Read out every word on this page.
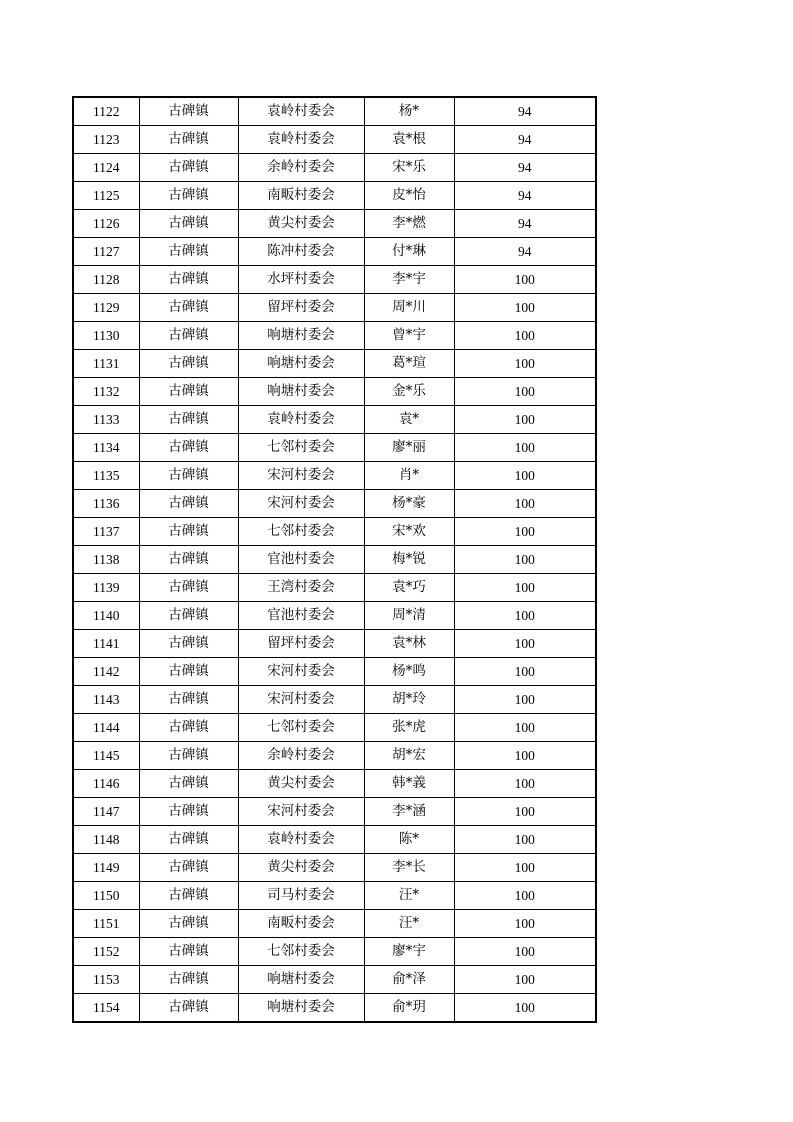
1122	古碑镇	袁岭村委会	杨*	94
1123	古碑镇	袁岭村委会	袁*根	94
1124	古碑镇	余岭村委会	宋*乐	94
1125	古碑镇	南畈村委会	皮*怡	94
1126	古碑镇	黄尖村委会	李*燃	94
1127	古碑镇	陈冲村委会	付*琳	94
1128	古碑镇	水坪村委会	李*宇	100
1129	古碑镇	留坪村委会	周*川	100
1130	古碑镇	响塘村委会	曾*宇	100
1131	古碑镇	响塘村委会	葛*瑄	100
1132	古碑镇	响塘村委会	金*乐	100
1133	古碑镇	袁岭村委会	袁*	100
1134	古碑镇	七邻村委会	廖*丽	100
1135	古碑镇	宋河村委会	肖*	100
1136	古碑镇	宋河村委会	杨*豪	100
1137	古碑镇	七邻村委会	宋*欢	100
1138	古碑镇	官池村委会	梅*锐	100
1139	古碑镇	王湾村委会	袁*巧	100
1140	古碑镇	官池村委会	周*清	100
1141	古碑镇	留坪村委会	袁*林	100
1142	古碑镇	宋河村委会	杨*鸣	100
1143	古碑镇	宋河村委会	胡*玲	100
1144	古碑镇	七邻村委会	张*虎	100
1145	古碑镇	余岭村委会	胡*宏	100
1146	古碑镇	黄尖村委会	韩*義	100
1147	古碑镇	宋河村委会	李*涵	100
1148	古碑镇	袁岭村委会	陈*	100
1149	古碑镇	黄尖村委会	李*长	100
1150	古碑镇	司马村委会	汪*	100
1151	古碑镇	南畈村委会	汪*	100
1152	古碑镇	七邻村委会	廖*宇	100
1153	古碑镇	响塘村委会	俞*泽	100
1154	古碑镇	响塘村委会	俞*玥	100
